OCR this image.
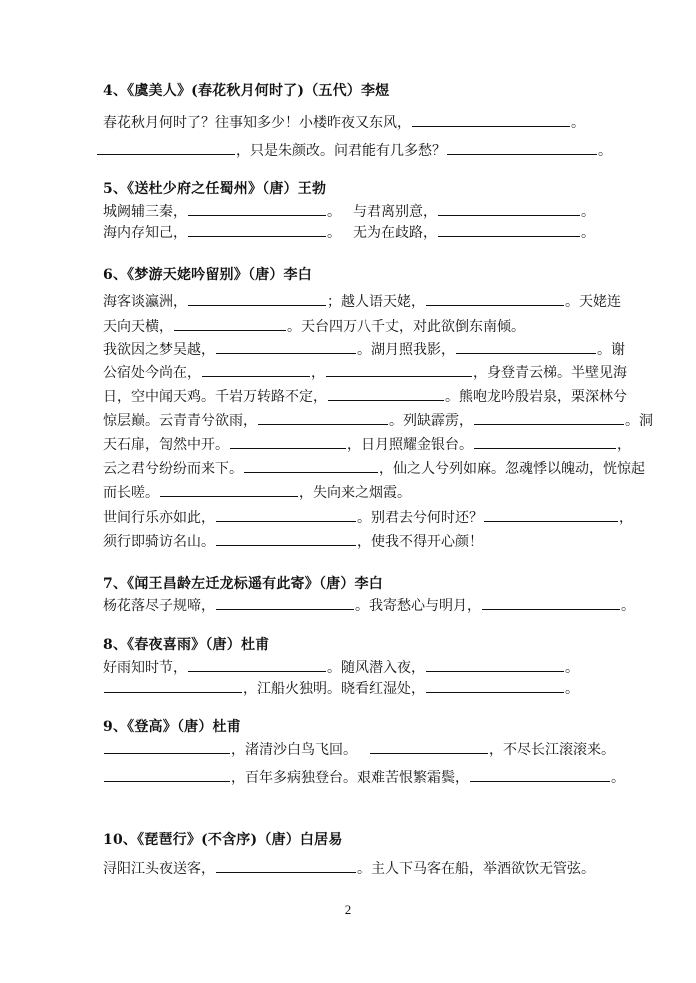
4、《虞美人》(春花秋月何时了)（五代）李煜
春花秋月何时了？往事知多少！小楼昨夜又东风，	。
，只是朱颜改。问君能有几多愁？	。
5、《送杜少府之任蜀州》（唐）王勃
城阙辅三秦，	。 与君离别意，	。
海内存知己，	。 无为在歧路，	。
6、《梦游天姥吟留别》（唐）李白
海客谈瀛洲，	；越人语天姥，	。天姥连
天向天横，	。天台四万八千丈，对此欲倒东南倾。
我欲因之梦吴越，	。湖月照我影，	。谢
公宿处今尚在，	，	，身登青云梯。半壁见海
日，空中闻天鸡。千岩万转路不定，	。熊咆龙吟殷岩泉，栗深林兮
惊层巅。云青青兮欲雨，	。列缺霹雳，	。洞
天石扉，訇然中开。	，日月照耀金银台。	，
云之君兮纷纷而来下。	，仙之人兮列如麻。忽魂悸以魄动，恍惊起
而长嗟。	，失向来之烟霞。
世间行乐亦如此，	。别君去兮何时还？	，
须行即骑访名山。	，使我不得开心颜！
7、《闻王昌龄左迁龙标遥有此寄》（唐）李白
杨花落尽子规啼，	。我寄愁心与明月，	。
8、《春夜喜雨》（唐）杜甫
好雨知时节，	。随风潜入夜，	。
，江船火独明。晓看红湿处，	。
9、《登高》（唐）杜甫
，渚清沙白鸟飞回。	，不尽长江滚滚来。
，百年多病独登台。艰难苦恨繁霜鬓，	。
10、《琵琶行》(不含序)（唐）白居易
浔阳江头夜送客，	。主人下马客在船，举酒欲饮无管弦。
2
